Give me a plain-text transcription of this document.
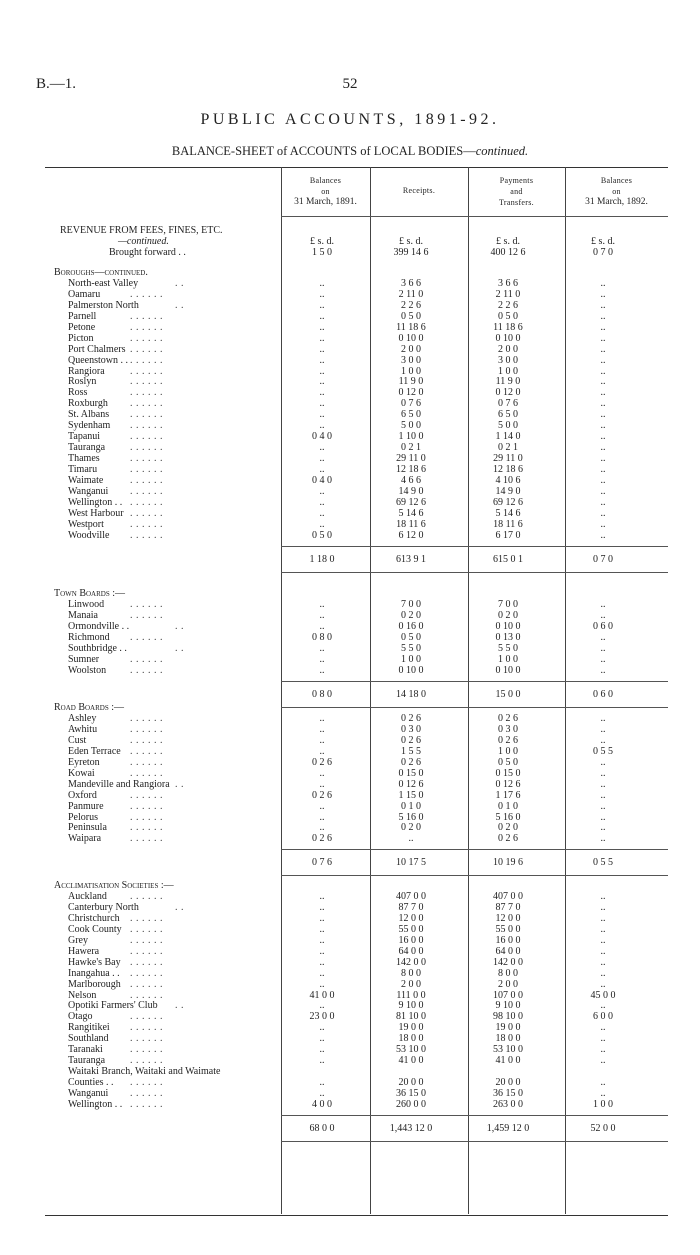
B.—1.	52
PUBLIC ACCOUNTS, 1891-92.
BALANCE-SHEET of ACCOUNTS of LOCAL BODIES—continued.
Balances
on
31 March, 1891.
Receipts.
Payments
and
Transfers.
Balances
on
31 March, 1892.
REVENUE FROM FEES, FINES, ETC.
—continued.	£ s. d.	£ s. d.	£ s. d.	£ s. d.
Brought forward . .	1 5 0	399 14 6	400 12 6	0 7 0
Boroughs—continued.
North-east Valley	. .	..	3 6 6	3 6 6	..
Oamaru	. . . . . .	..	2 11 0	2 11 0	..
Palmerston North	. .	..	2 2 6	2 2 6	..
Parnell	. . . . . .	..	0 5 0	0 5 0	..
Petone	. . . . . .	..	11 18 6	11 18 6	..
Picton	. . . . . .	..	0 10 0	0 10 0	..
Port Chalmers . . . . . .	..	2 0 0	2 0 0	..
Queenstown . . . . . . . .	..	3 0 0	3 0 0	..
Rangiora	. . . . . .	..	1 0 0	1 0 0	..
Roslyn	. . . . . .	..	11 9 0	11 9 0	..
Ross	. . . . . .	..	0 12 0	0 12 0	..
Roxburgh . . . . . .	..	0 7 6	0 7 6	..
St. Albans . . . . . .	..	6 5 0	6 5 0	..
Sydenham . . . . . .	..	5 0 0	5 0 0	..
Tapanui	. . . . . .	0 4 0	1 10 0	1 14 0	..
Tauranga . . . . . .	..	0 2 1	0 2 1	..
Thames	. . . . . .	..	29 11 0	29 11 0	..
Timaru	. . . . . .	..	12 18 6	12 18 6	..
Waimate	. . . . . .	0 4 0	4 6 6	4 10 6	..
Wanganui . . . . . .	..	14 9 0	14 9 0	..
Wellington . . . . . . . .	..	69 12 6	69 12 6	..
West Harbour . . . . . .	..	5 14 6	5 14 6	..
Westport	. . . . . .	..	18 11 6	18 11 6	..
Woodville . . . . . .	0 5 0	6 12 0	6 17 0	..
1 18 0	613 9 1	615 0 1	0 7 0
Town Boards :—
Linwood	. . . . . .	..	7 0 0	7 0 0	..
Manaia	. . . . . .	..	0 2 0	0 2 0	..
Ormondville . .	. .	..	0 16 0	0 10 0	0 6 0
Richmond . . . . . .	0 8 0	0 5 0	0 13 0	..
Southbridge . .	. .	..	5 5 0	5 5 0	..
Sumner	. . . . . .	..	1 0 0	1 0 0	..
Woolston . . . . . .	..	0 10 0	0 10 0	..
0 8 0	14 18 0	15 0 0	0 6 0
Road Boards :—
Ashley	. . . . . .	..	0 2 6	0 2 6	..
Awhitu	. . . . . .	..	0 3 0	0 3 0	..
Cust	. . . . . .	..	0 2 6	0 2 6	..
Eden Terrace . . . . . .	..	1 5 5	1 0 0	0 5 5
Eyreton	. . . . . .	0 2 6	0 2 6	0 5 0	..
Kowai	. . . . . .	..	0 15 0	0 15 0	..
Mandeville and Rangiora . .	..	0 12 6	0 12 6	..
Oxford	. . . . . .	0 2 6	1 15 0	1 17 6	..
Panmure	. . . . . .	..	0 1 0	0 1 0	..
Pelorus	. . . . . .	..	5 16 0	5 16 0	..
Peninsula . . . . . .	..	0 2 0	0 2 0	..
Waipara	. . . . . .	0 2 6	..	0 2 6	..
0 7 6	10 17 5	10 19 6	0 5 5
Acclimatisation Societies :—
Auckland . . . . . .	..	407 0 0	407 0 0	..
Canterbury North	. .	..	87 7 0	87 7 0	..
Christchurch . . . . . .	..	12 0 0	12 0 0	..
Cook County . . . . . .	..	55 0 0	55 0 0	..
Grey	. . . . . .	..	16 0 0	16 0 0	..
Hawera	. . . . . .	..	64 0 0	64 0 0	..
Hawke's Bay . . . . . .	..	142 0 0	142 0 0	..
Inangahua . . . . . . . .	..	8 0 0	8 0 0	..
Marlborough . . . . . .	..	2 0 0	2 0 0	..
Nelson	. . . . . .	41 0 0	111 0 0	107 0 0	45 0 0
Opotiki Farmers' Club . .	..	9 10 0	9 10 0	..
Otago	. . . . . .	23 0 0	81 10 0	98 10 0	6 0 0
Rangitikei . . . . . .	..	19 0 0	19 0 0	..
Southland . . . . . .	..	18 0 0	18 0 0	..
Taranaki	. . . . . .	..	53 10 0	53 10 0	..
Tauranga . . . . . .	..	41 0 0	41 0 0	..
Waitaki Branch, Waitaki and Waimate
Counties . . . . . . . .	..	20 0 0	20 0 0	..
Wanganui . . . . . .	..	36 15 0	36 15 0	..
Wellington . . . . . . . .	4 0 0	260 0 0	263 0 0	1 0 0
68 0 0	1,443 12 0	1,459 12 0	52 0 0
